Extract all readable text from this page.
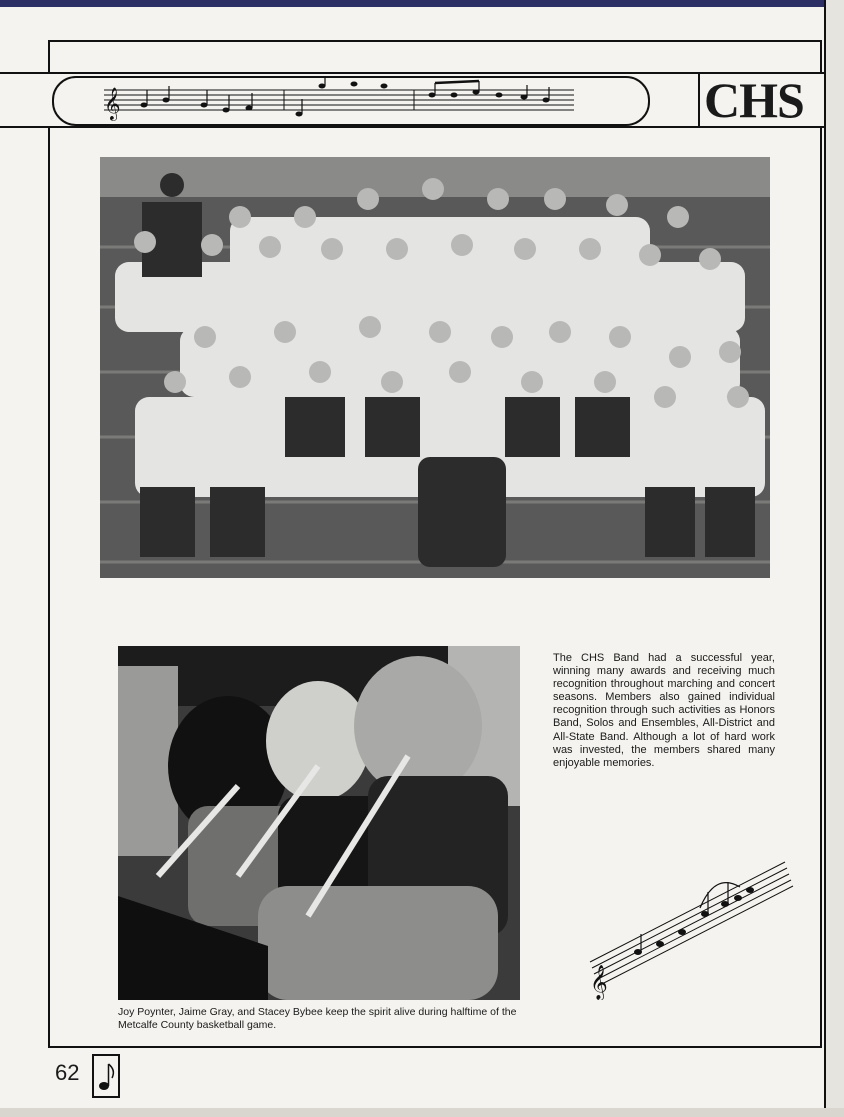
𝄞	CHS
The CHS Band had a successful year, winning many awards and receiving much recognition throughout marching and concert seasons. Members also gained individual recognition through such activities as Honors Band, Solos and Ensembles, All-District and All-State Band. Although a lot of hard work was invested, the members shared many enjoyable memories.
𝄞
Joy Poynter, Jaime Gray, and Stacey Bybee keep the spirit alive during halftime of the Metcalfe County basketball game.
62
